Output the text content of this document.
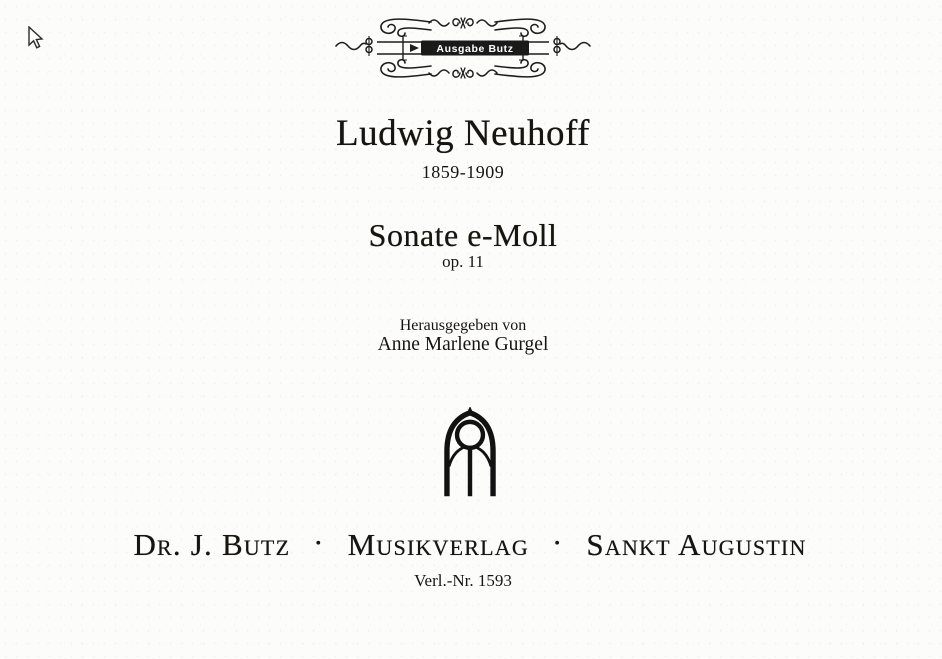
Ausgabe Butz
Ludwig Neuhoff
1859-1909
Sonate e-Moll
op. 11
Herausgegeben von
Anne Marlene Gurgel
Dr. J. Butz · Musikverlag · Sankt Augustin
Verl.-Nr. 1593
